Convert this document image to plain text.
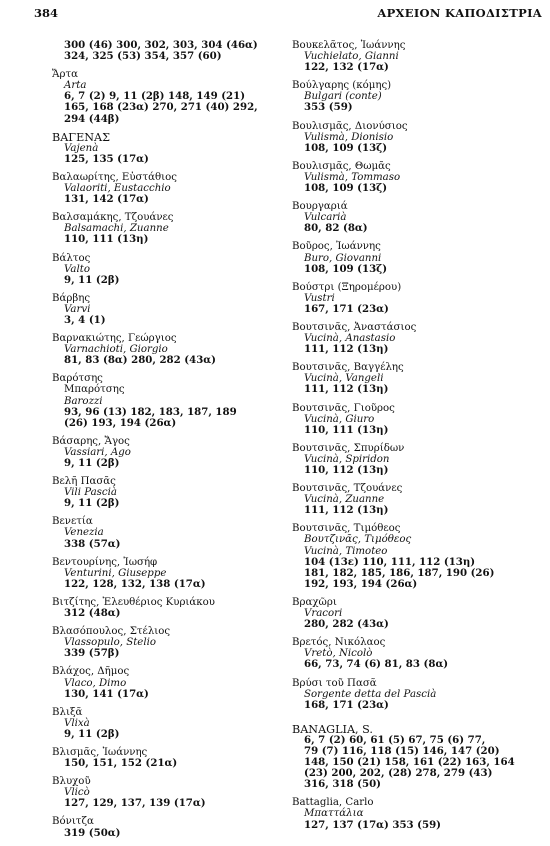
384	ΑΡΧΕΙΟΝ ΚΑΠΟΔΙΣΤΡΙΑ
300 (46) 300, 302, 303, 304 (46α)
324, 325 (53) 354, 357 (60)
Ἄρτα
Arta
6, 7 (2) 9, 11 (2β) 148, 149 (21)
165, 168 (23α) 270, 271 (40) 292,
294 (44β)
ΒΑΓΕΝΑΣ
Vajenà
125, 135 (17α)
Βαλαωρίτης, Εὐστάθιος
Valaoriti, Eustacchio
131, 142 (17α)
Βαλσαμάκης, Τζουάνες
Balsamachi, Zuanne
110, 111 (13η)
Βάλτος
Valto
9, 11 (2β)
Βάρβης
Varvi
3, 4 (1)
Βαρνακιώτης, Γεώργιος
Varnachioti, Giorgio
81, 83 (8α) 280, 282 (43α)
Βαρότσης
Μπαρότσης
Barozzi
93, 96 (13) 182, 183, 187, 189
(26) 193, 194 (26α)
Βάσαρης, Ἄγος
Vassiari, Ago
9, 11 (2β)
Βελῆ Πασᾶς
Vili Pascià
9, 11 (2β)
Βενετία
Venezia
338 (57α)
Βεντουρίνης, Ἰωσήφ
Venturini, Giuseppe
122, 128, 132, 138 (17α)
Βιτζίτης, Ἐλευθέριος Κυριάκου
312 (48α)
Βλασόπουλος, Στέλιος
Vlassopulo, Stelio
339 (57β)
Βλάχος, Δῆμος
Vlaco, Dimo
130, 141 (17α)
Βλιξᾶ
Vlixà
9, 11 (2β)
Βλισμᾶς, Ἰωάννης
150, 151, 152 (21α)
Βλυχοῦ
Vlicò
127, 129, 137, 139 (17α)
Βόνιτζα
319 (50α)
Βουκελᾶτος, Ἰωάννης
Vuchielato, Gianni
122, 132 (17α)
Βούλγαρης (κόμης)
Bulgari (conte)
353 (59)
Βουλισμᾶς, Διονύσιος
Vulismà, Dionisio
108, 109 (13ζ)
Βουλισμᾶς, Θωμᾶς
Vulismà, Tommaso
108, 109 (13ζ)
Βουργαριά
Vulcarià
80, 82 (8α)
Βοῦρος, Ἰωάννης
Buro, Giovanni
108, 109 (13ζ)
Βούστρι (Ξηρομέρου)
Vustri
167, 171 (23α)
Βουτσινᾶς, Ἀναστάσιος
Vucinà, Anastasio
111, 112 (13η)
Βουτσινᾶς, Βαγγέλης
Vucinà, Vangeli
111, 112 (13η)
Βουτσινᾶς, Γιοῦρος
Vucinà, Giuro
110, 111 (13η)
Βουτσινᾶς, Σπυρίδων
Vucinà, Spiridon
110, 112 (13η)
Βουτσινᾶς, Τζουάνες
Vucinà, Zuanne
111, 112 (13η)
Βουτσινᾶς, Τιμόθεος
Βουτζινᾶς, Τιμόθεος
Vucinà, Timoteo
104 (13ε) 110, 111, 112 (13η)
181, 182, 185, 186, 187, 190 (26)
192, 193, 194 (26α)
Βραχῶρι
Vracori
280, 282 (43α)
Βρετός, Νικόλαος
Vretò, Nicolò
66, 73, 74 (6) 81, 83 (8α)
Βρύσι τοῦ Πασᾶ
Sorgente detta del Pascià
168, 171 (23α)
BANAGLIA, S.
6, 7 (2) 60, 61 (5) 67, 75 (6) 77,
79 (7) 116, 118 (15) 146, 147 (20)
148, 150 (21) 158, 161 (22) 163, 164
(23) 200, 202, (28) 278, 279 (43)
316, 318 (50)
Battaglia, Carlo
Μπαττάλια
127, 137 (17α) 353 (59)
